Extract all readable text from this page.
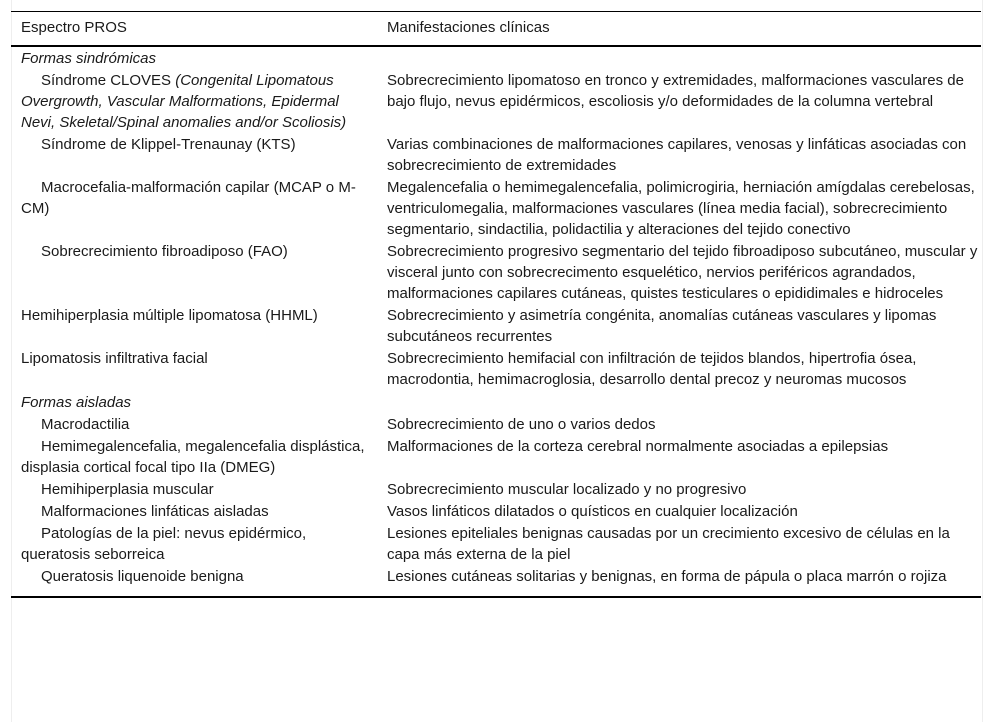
Espectro PROS	Manifestaciones clínicas
Formas sindrómicas	
Síndrome CLOVES (Congenital Lipomatous Overgrowth, Vascular Malformations, Epidermal Nevi, Skeletal/Spinal anomalies and/or Scoliosis)	Sobrecrecimiento lipomatoso en tronco y extremidades, malformaciones vasculares de bajo flujo, nevus epidérmicos, escoliosis y/o deformidades de la columna vertebral
Síndrome de Klippel-Trenaunay (KTS)	Varias combinaciones de malformaciones capilares, venosas y linfáticas asociadas con sobrecrecimiento de extremidades
Macrocefalia-malformación capilar (MCAP o M-CM)	Megalencefalia o hemimegalencefalia, polimicrogiria, herniación amígdalas cerebelosas, ventriculomegalia, malformaciones vasculares (línea media facial), sobrecrecimiento segmentario, sindactilia, polidactilia y alteraciones del tejido conectivo
Sobrecrecimiento fibroadiposo (FAO)	Sobrecrecimiento progresivo segmentario del tejido fibroadiposo subcutáneo, muscular y visceral junto con sobrecrecimento esquelético, nervios periféricos agrandados, malformaciones capilares cutáneas, quistes testiculares o epididimales e hidroceles
Hemihiperplasia múltiple lipomatosa (HHML)	Sobrecrecimiento y asimetría congénita, anomalías cutáneas vasculares y lipomas subcutáneos recurrentes
Lipomatosis infiltrativa facial	Sobrecrecimiento hemifacial con infiltración de tejidos blandos, hipertrofia ósea, macrodontia, hemimacroglosia, desarrollo dental precoz y neuromas mucosos
Formas aisladas	
Macrodactilia	Sobrecrecimiento de uno o varios dedos
Hemimegalencefalia, megalencefalia displástica, displasia cortical focal tipo IIa (DMEG)	Malformaciones de la corteza cerebral normalmente asociadas a epilepsias
Hemihiperplasia muscular	Sobrecrecimiento muscular localizado y no progresivo
Malformaciones linfáticas aisladas	Vasos linfáticos dilatados o quísticos en cualquier localización
Patologías de la piel: nevus epidérmico, queratosis seborreica	Lesiones epiteliales benignas causadas por un crecimiento excesivo de células en la capa más externa de la piel
Queratosis liquenoide benigna	Lesiones cutáneas solitarias y benignas, en forma de pápula o placa marrón o rojiza
